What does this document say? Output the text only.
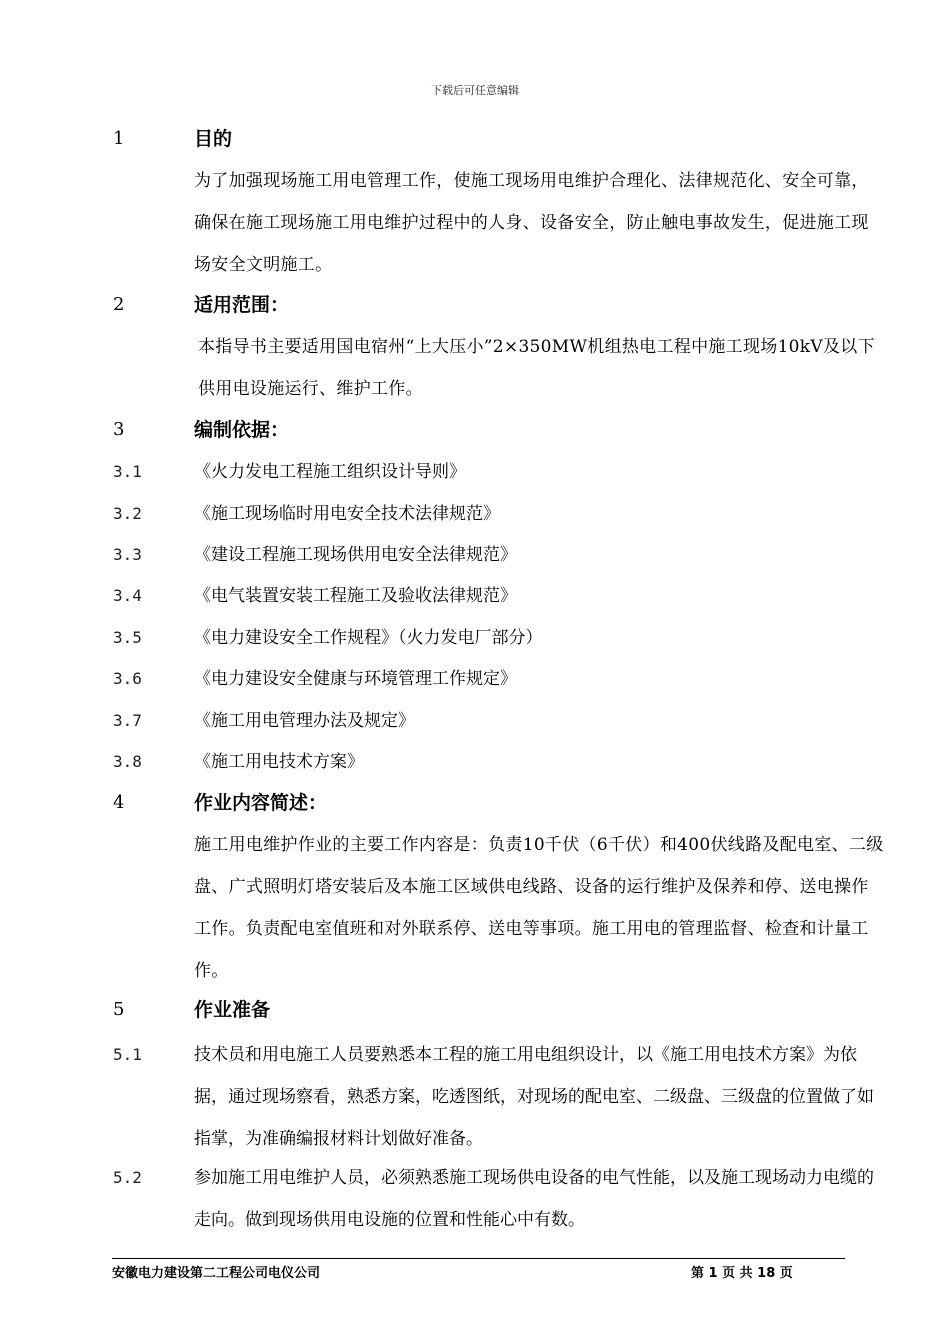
下载后可任意编辑
1	目的
为了加强现场施工用电管理工作，使施工现场用电维护合理化、法律规范化、安全可靠，确保在施工现场施工用电维护过程中的人身、设备安全，防止触电事故发生，促进施工现场安全文明施工。
2	适用范围：
本指导书主要适用国电宿州“上大压小”2×350MW机组热电工程中施工现场10kV及以下供用电设施运行、维护工作。
3	编制依据：
3.1	《火力发电工程施工组织设计导则》
3.2	《施工现场临时用电安全技术法律规范》
3.3	《建设工程施工现场供用电安全法律规范》
3.4	《电气装置安装工程施工及验收法律规范》
3.5	《电力建设安全工作规程》（火力发电厂部分）
3.6	《电力建设安全健康与环境管理工作规定》
3.7	《施工用电管理办法及规定》
3.8	《施工用电技术方案》
4	作业内容简述：
施工用电维护作业的主要工作内容是：负责10千伏（6千伏）和400伏线路及配电室、二级盘、广式照明灯塔安装后及本施工区域供电线路、设备的运行维护及保养和停、送电操作工作。负责配电室值班和对外联系停、送电等事项。施工用电的管理监督、检查和计量工作。
5	作业准备
5.1	技术员和用电施工人员要熟悉本工程的施工用电组织设计，以《施工用电技术方案》为依据，通过现场察看，熟悉方案，吃透图纸，对现场的配电室、二级盘、三级盘的位置做了如指掌，为准确编报材料计划做好准备。
5.2	参加施工用电维护人员，必须熟悉施工现场供电设备的电气性能，以及施工现场动力电缆的走向。做到现场供用电设施的位置和性能心中有数。
安徽电力建设第二工程公司电仪公司	第 1 页 共 18 页
